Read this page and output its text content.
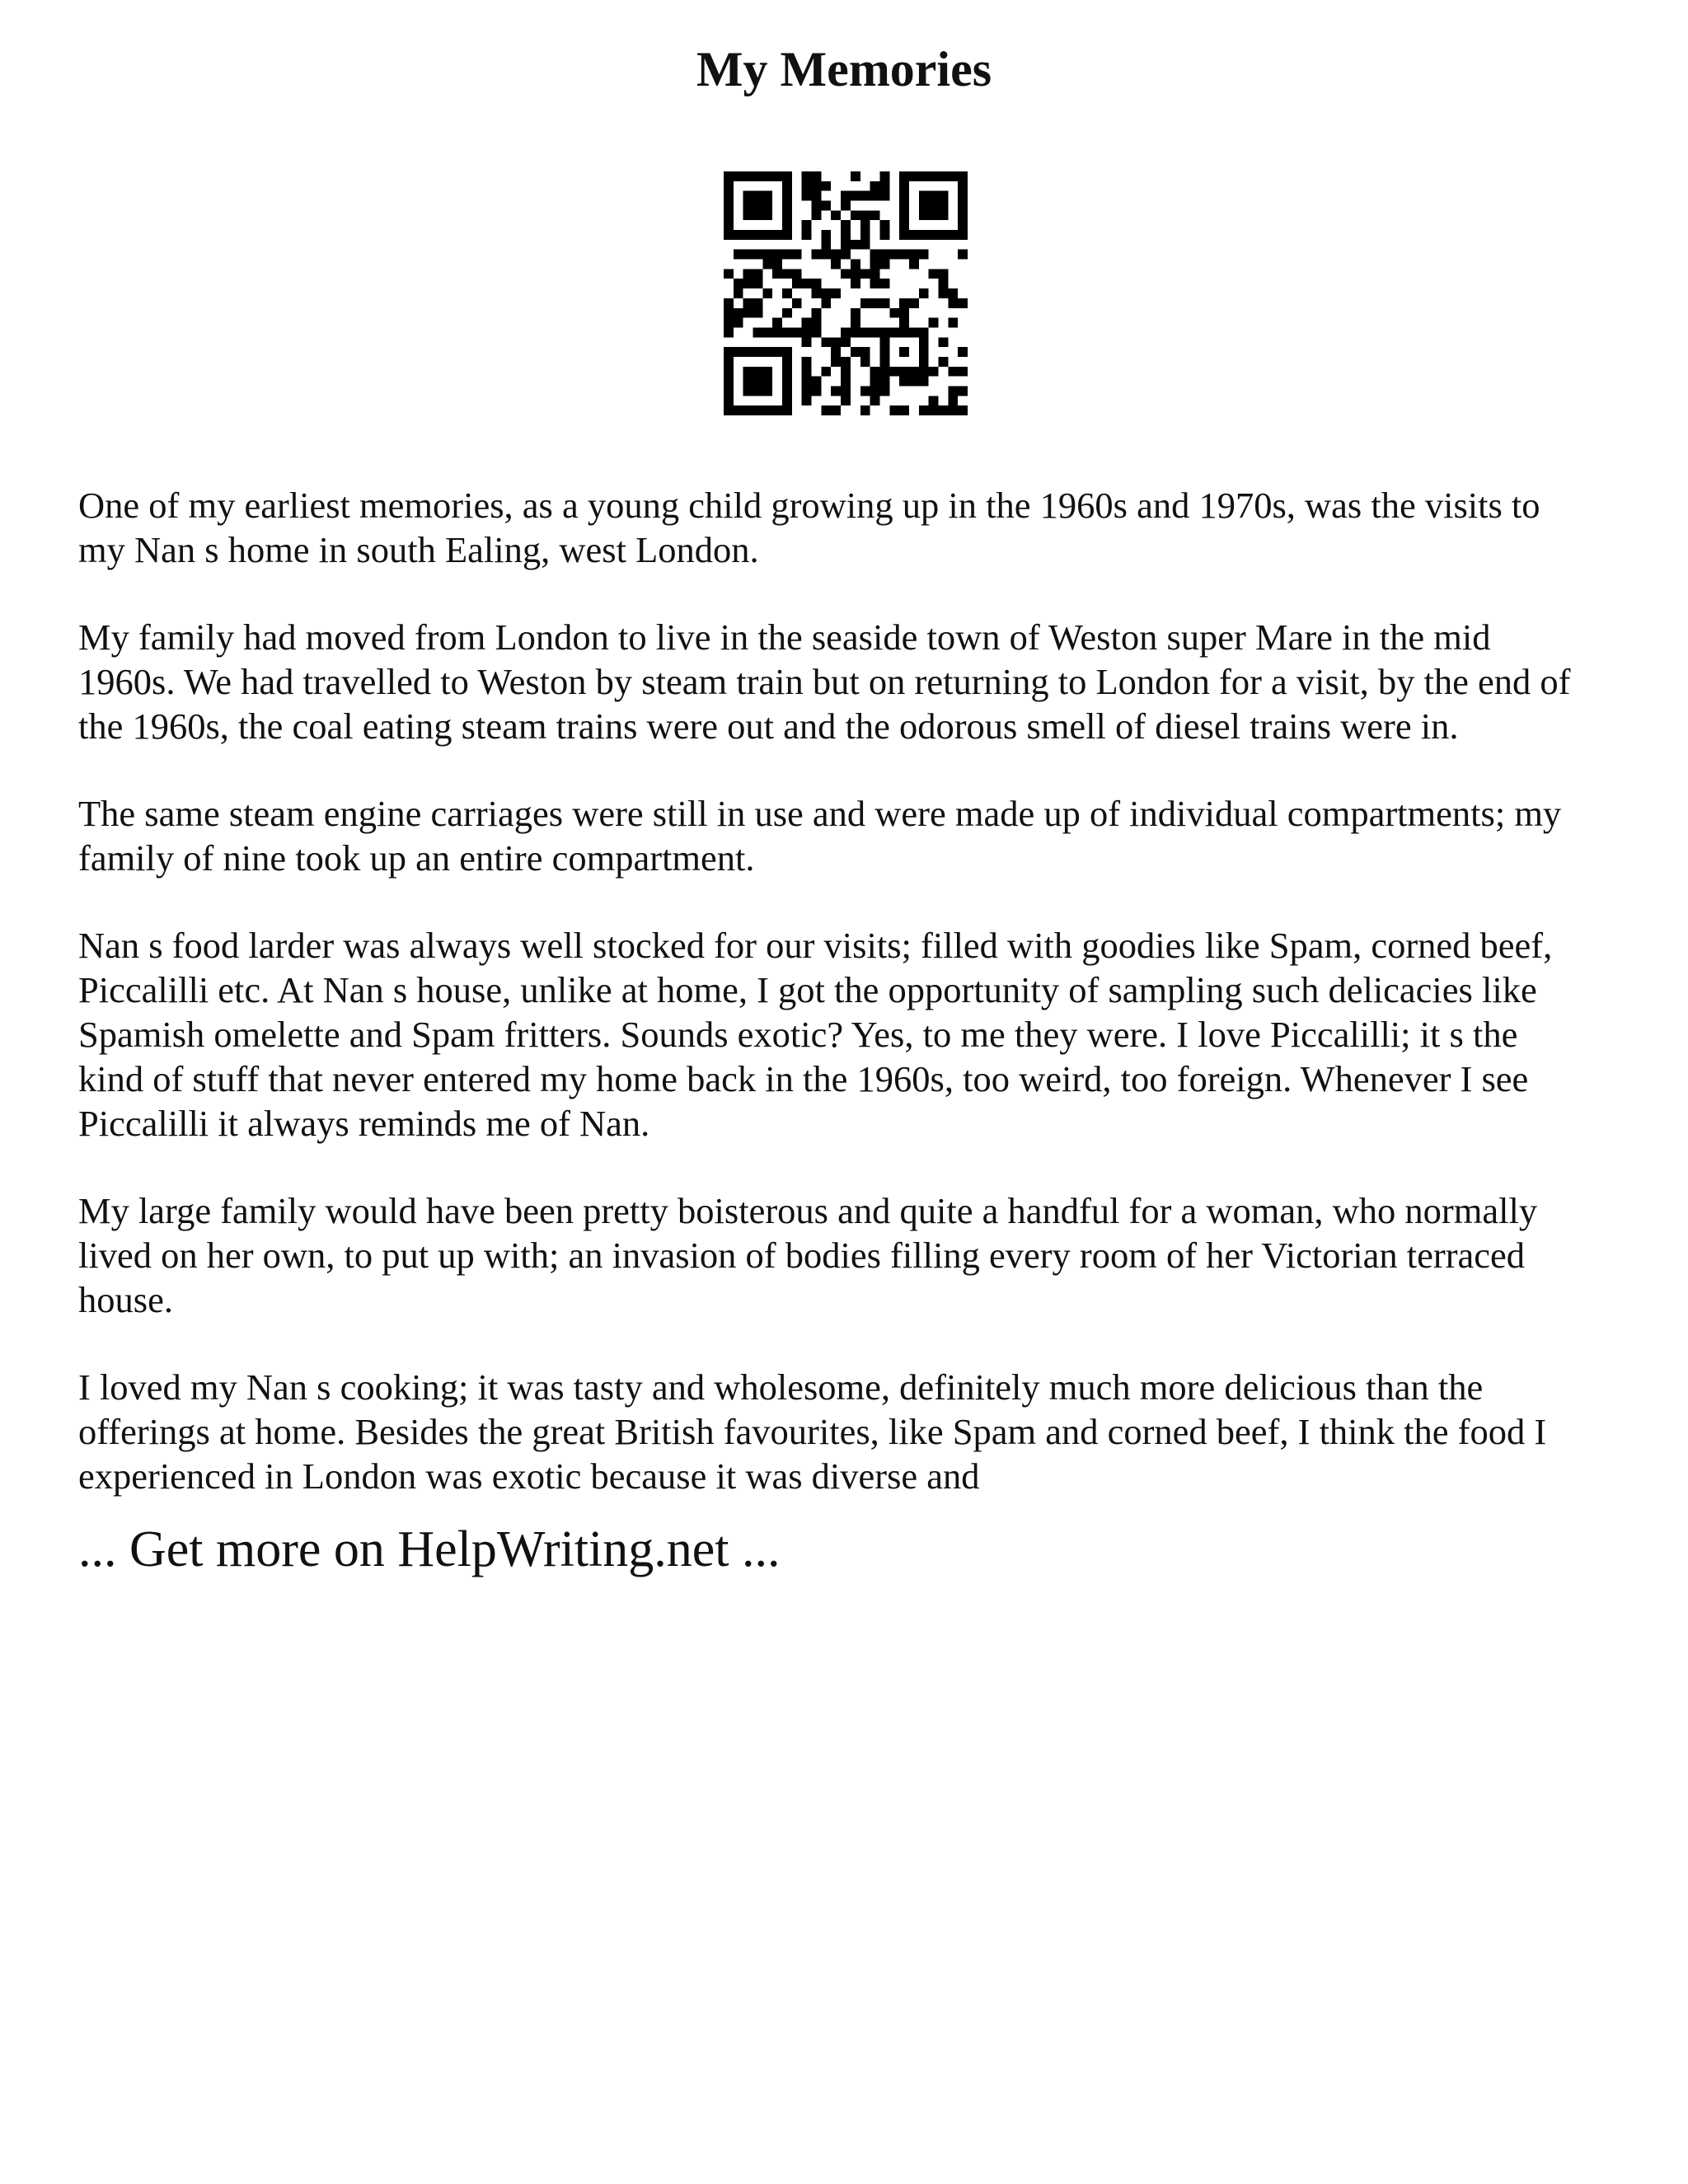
My Memories

One of my earliest memories, as a young child growing up in the 1960s and 1970s, was the visits to
my Nan s home in south Ealing, west London.

My family had moved from London to live in the seaside town of Weston super Mare in the mid
1960s. We had travelled to Weston by steam train but on returning to London for a visit, by the end of
the 1960s, the coal eating steam trains were out and the odorous smell of diesel trains were in.

The same steam engine carriages were still in use and were made up of individual compartments; my
family of nine took up an entire compartment.

Nan s food larder was always well stocked for our visits; filled with goodies like Spam, corned beef,
Piccalilli etc. At Nan s house, unlike at home, I got the opportunity of sampling such delicacies like
Spamish omelette and Spam fritters. Sounds exotic? Yes, to me they were. I love Piccalilli; it s the
kind of stuff that never entered my home back in the 1960s, too weird, too foreign. Whenever I see
Piccalilli it always reminds me of Nan.

My large family would have been pretty boisterous and quite a handful for a woman, who normally
lived on her own, to put up with; an invasion of bodies filling every room of her Victorian terraced
house.

I loved my Nan s cooking; it was tasty and wholesome, definitely much more delicious than the
offerings at home. Besides the great British favourites, like Spam and corned beef, I think the food I
experienced in London was exotic because it was diverse and

... Get more on HelpWriting.net ...
